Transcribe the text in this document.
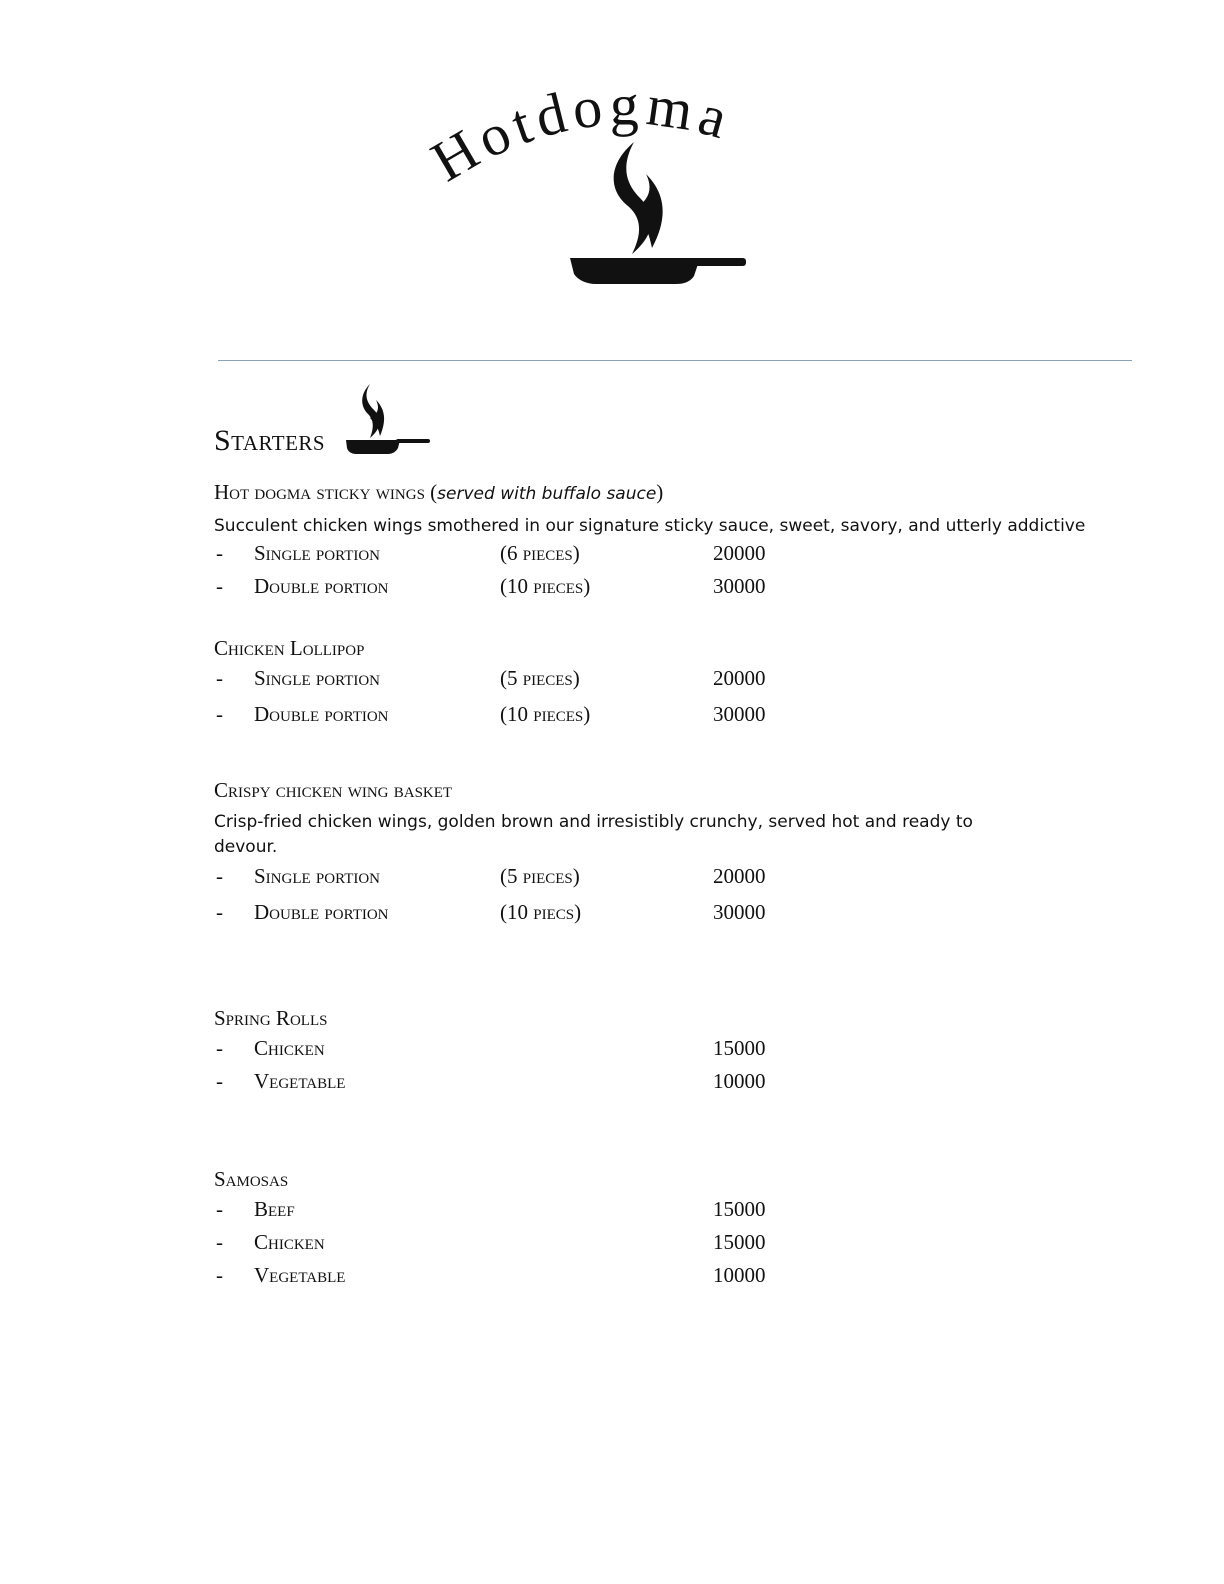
Hotdogma
Starters
Hot dogma sticky wings (served with buffalo sauce)

Succulent chicken wings smothered in our signature sticky sauce, sweet, savory, and utterly addictive

- Single portion	(6 pieces)	20000
- Double portion	(10 pieces)	30000
Chicken Lollipop
- Single portion	(5 pieces)	20000
- Double portion	(10 pieces)	30000
Crispy chicken wing basket

Crisp-fried chicken wings, golden brown and irresistibly crunchy, served hot and ready to devour.

- Single portion	(5 pieces)	20000
- Double portion	(10 piecs)	30000
Spring Rolls
- Chicken	15000
- Vegetable	10000
Samosas
- Beef	15000
- Chicken	15000
- Vegetable	10000
